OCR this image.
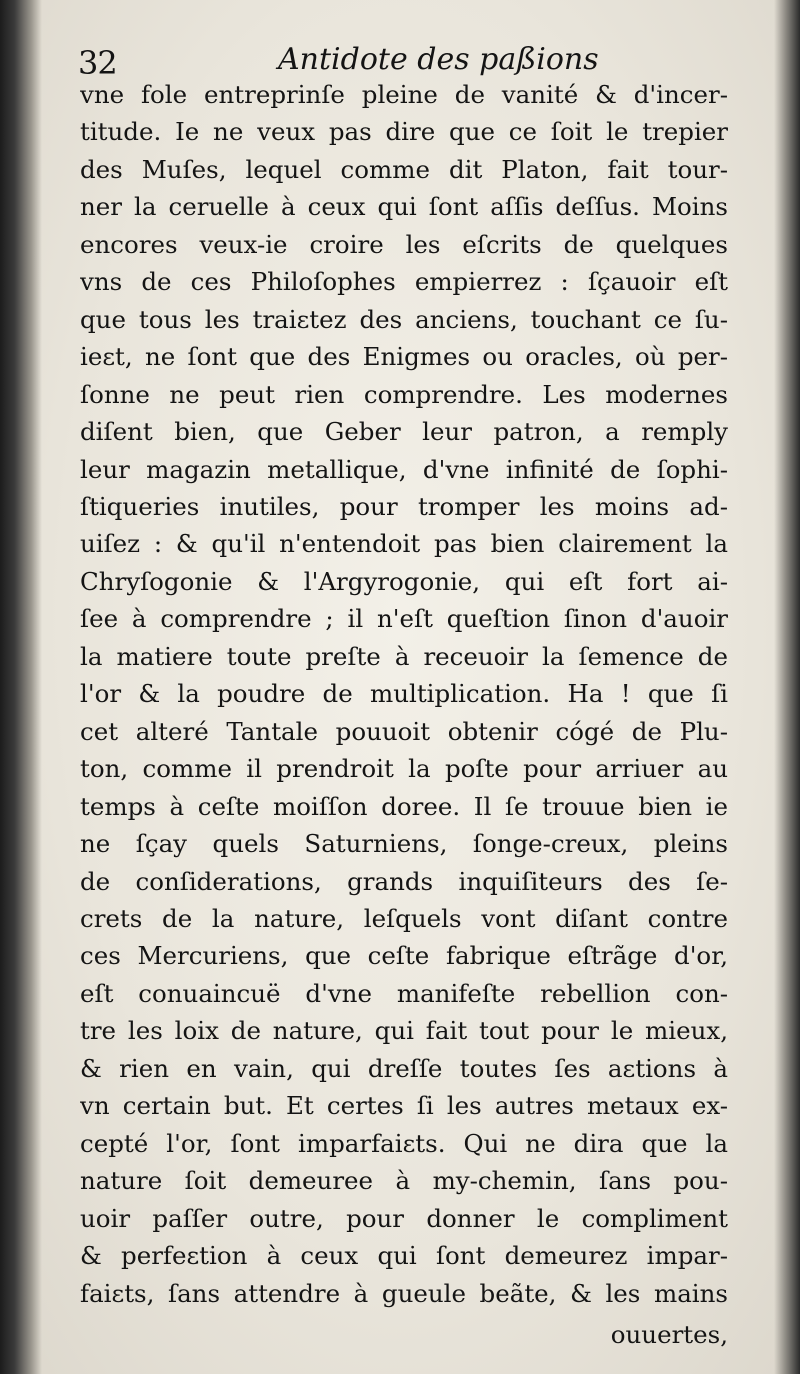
32	Antidote des paßions
vne fole entreprinſe pleine de vanité & d'incer-
titude. Ie ne veux pas dire que ce ſoit le trepier
des Muſes, lequel comme dit Platon, fait tour-
ner la ceruelle à ceux qui ſont aſſis deſſus. Moins
encores veux-ie croire les eſcrits de quelques
vns de ces Philoſophes empierrez : ſçauoir eſt
que tous les traiɛtez des anciens, touchant ce ſu-
ieɛt, ne ſont que des Enigmes ou oracles, où per-
ſonne ne peut rien comprendre. Les modernes
diſent bien, que Geber leur patron, a remply
leur magazin metallique, d'vne infinité de ſophi-
ſtiqueries inutiles, pour tromper les moins ad-
uiſez : & qu'il n'entendoit pas bien clairement la
Chryſogonie & l'Argyrogonie, qui eſt fort ai-
ſee à comprendre ; il n'eſt queſtion ſinon d'auoir
la matiere toute preſte à receuoir la ſemence de
l'or & la poudre de multiplication. Ha ! que ſi
cet alteré Tantale pouuoit obtenir cógé de Plu-
ton, comme il prendroit la poſte pour arriuer au
temps à ceſte moiſſon doree. Il ſe trouue bien ie
ne ſçay quels Saturniens, ſonge-creux, pleins
de conſiderations, grands inquiſiteurs des ſe-
crets de la nature, leſquels vont diſant contre
ces Mercuriens, que ceſte fabrique eſtrãge d'or,
eſt conuaincuë d'vne manifeſte rebellion con-
tre les loix de nature, qui fait tout pour le mieux,
& rien en vain, qui dreſſe toutes ſes aɛtions à
vn certain but. Et certes ſi les autres metaux ex-
cepté l'or, ſont imparfaiɛts. Qui ne dira que la
nature ſoit demeuree à my-chemin, ſans pou-
uoir paſſer outre, pour donner le compliment
& perfeɛtion à ceux qui ſont demeurez impar-
faiɛts, ſans attendre à gueule beãte, & les mains
ouuertes,
